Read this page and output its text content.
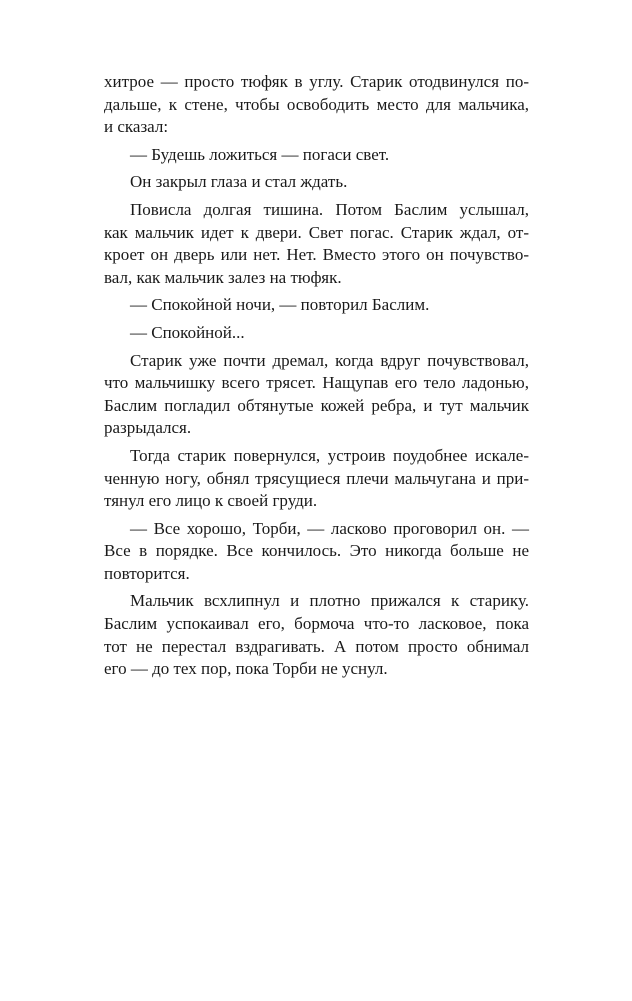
хитрое — просто тюфяк в углу. Старик отодвинулся по-
дальше, к стене, чтобы освободить место для мальчика,
и сказал:
— Будешь ложиться — погаси свет.
Он закрыл глаза и стал ждать.
Повисла долгая тишина. Потом Баслим услышал,
как мальчик идет к двери. Свет погас. Старик ждал, от-
кроет он дверь или нет. Нет. Вместо этого он почувство-
вал, как мальчик залез на тюфяк.
— Спокойной ночи, — повторил Баслим.
— Спокойной...
Старик уже почти дремал, когда вдруг почувствовал,
что мальчишку всего трясет. Нащупав его тело ладонью,
Баслим погладил обтянутые кожей ребра, и тут мальчик
разрыдался.
Тогда старик повернулся, устроив поудобнее искале-
ченную ногу, обнял трясущиеся плечи мальчугана и при-
тянул его лицо к своей груди.
— Все хорошо, Торби, — ласково проговорил он. —
Все в порядке. Все кончилось. Это никогда больше не
повторится.
Мальчик всхлипнул и плотно прижался к старику.
Баслим успокаивал его, бормоча что-то ласковое, пока
тот не перестал вздрагивать. А потом просто обнимал
его — до тех пор, пока Торби не уснул.
